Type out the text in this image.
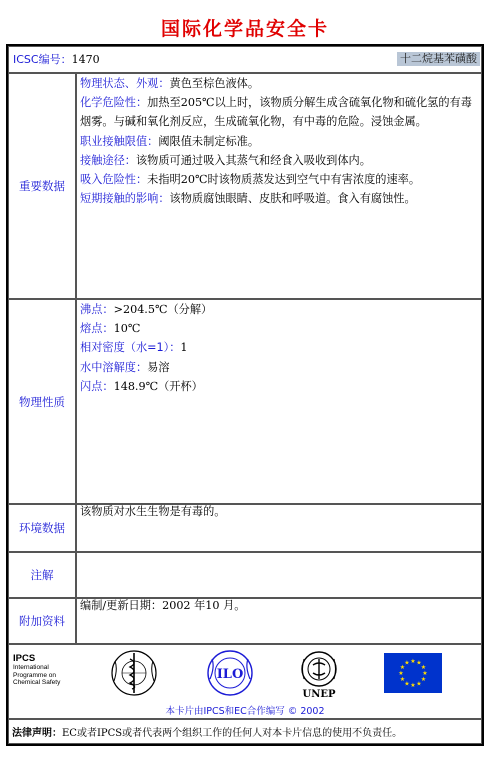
国际化学品安全卡
ICSC编号： 1470	十二烷基苯磺酸
重要数据
物理状态、外观：黄色至棕色液体。
化学危险性：加热至205℃以上时，该物质分解生成含硫氧化物和硫化氢的有毒烟雾。与碱和氧化剂反应，生成硫氧化物，有中毒的危险。浸蚀金属。
职业接触限值：阈限值未制定标准。
接触途径：该物质可通过吸入其蒸气和经食入吸收到体内。
吸入危险性：未指明20℃时该物质蒸发达到空气中有害浓度的速率。
短期接触的影响：该物质腐蚀眼睛、皮肤和呼吸道。食入有腐蚀性。
物理性质
沸点：>204.5℃（分解）
熔点：10℃
相对密度（水=1）：1
水中溶解度：易溶
闪点：148.9℃（开杯）
环境数据
该物质对水生生物是有毒的。
注解
附加资料
编制/更新日期：2002 年10 月。
IPCS
International
Programme on
Chemical Safety
ILO
UNEP
★ ★
★
★
★
★
★
★
★
★
★
★
本卡片由IPCS和EC合作编写 © 2002
法律声明： EC或者IPCS或者代表两个组织工作的任何人对本卡片信息的使用不负责任。
